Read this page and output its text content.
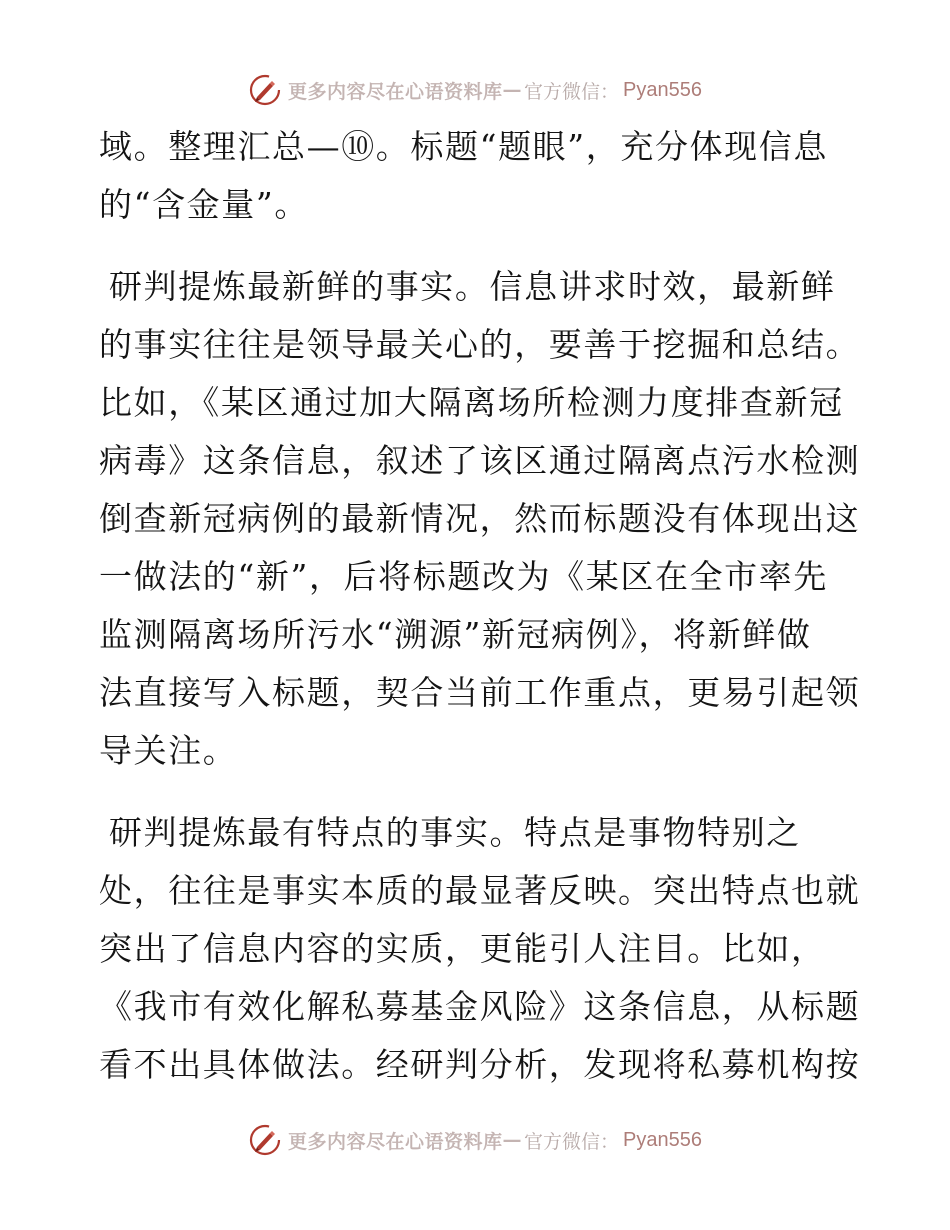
更多内容尽在心语资料库 — 官方微信： Pyan556

域。整理汇总—⑩。标题“题眼”，充分体现信息
的“含金量”。

研判提炼最新鲜的事实。信息讲求时效，最新鲜
的事实往往是领导最关心的，要善于挖掘和总结。
比如，《某区通过加大隔离场所检测力度排查新冠
病毒》这条信息，叙述了该区通过隔离点污水检测
倒查新冠病例的最新情况，然而标题没有体现出这
一做法的“新”，后将标题改为《某区在全市率先
监测隔离场所污水“溯源”新冠病例》，将新鲜做
法直接写入标题，契合当前工作重点，更易引起领
导关注。

研判提炼最有特点的事实。特点是事物特别之
处，往往是事实本质的最显著反映。突出特点也就
突出了信息内容的实质，更能引人注目。比如，
《我市有效化解私募基金风险》这条信息，从标题
看不出具体做法。经研判分析，发现将私募机构按

更多内容尽在心语资料库 — 官方微信： Pyan556
